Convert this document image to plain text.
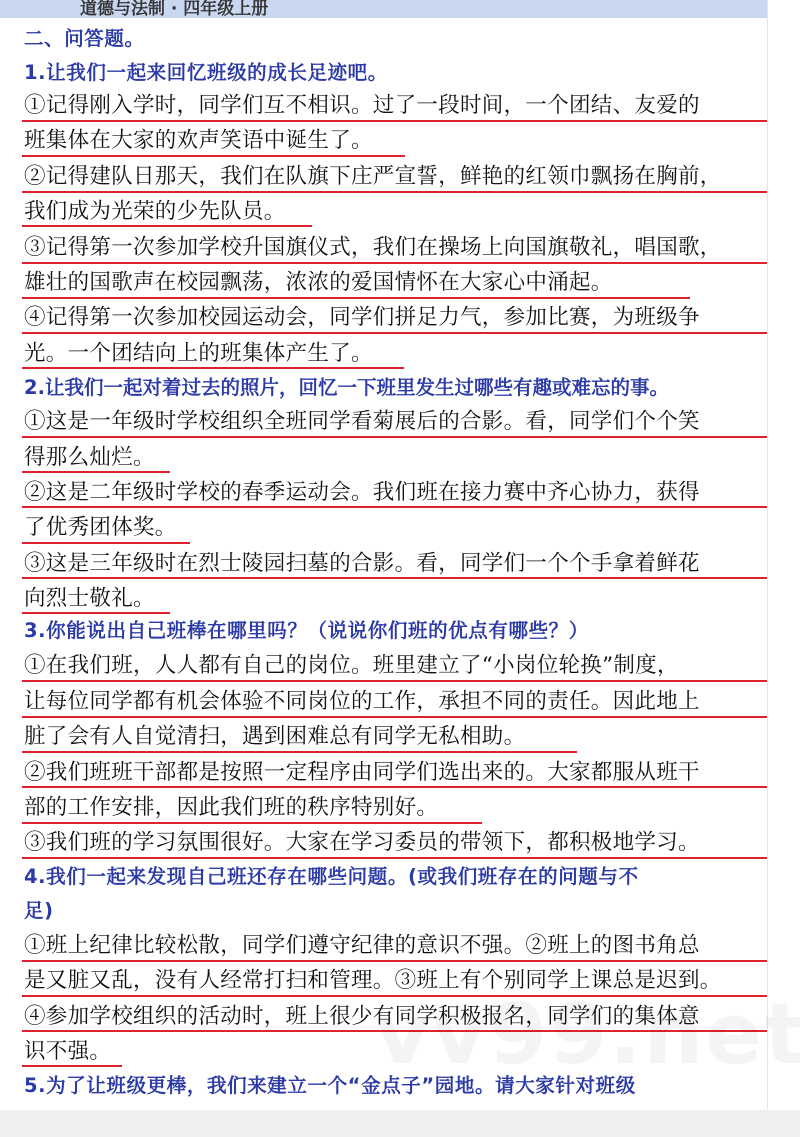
道德与法制 · 四年级上册
二、问答题。
1.让我们一起来回忆班级的成长足迹吧。
①记得刚入学时，同学们互不相识。过了一段时间，一个团结、友爱的
班集体在大家的欢声笑语中诞生了。
②记得建队日那天，我们在队旗下庄严宣誓，鲜艳的红领巾飘扬在胸前，
我们成为光荣的少先队员。
③记得第一次参加学校升国旗仪式，我们在操场上向国旗敬礼，唱国歌，
雄壮的国歌声在校园飘荡，浓浓的爱国情怀在大家心中涌起。
④记得第一次参加校园运动会，同学们拼足力气，参加比赛，为班级争
光。一个团结向上的班集体产生了。
2.让我们一起对着过去的照片，回忆一下班里发生过哪些有趣或难忘的事。
①这是一年级时学校组织全班同学看菊展后的合影。看，同学们个个笑
得那么灿烂。
②这是二年级时学校的春季运动会。我们班在接力赛中齐心协力，获得
了优秀团体奖。
③这是三年级时在烈士陵园扫墓的合影。看，同学们一个个手拿着鲜花
向烈士敬礼。
3.你能说出自己班棒在哪里吗？（说说你们班的优点有哪些？）
①在我们班，人人都有自己的岗位。班里建立了“小岗位轮换”制度，
让每位同学都有机会体验不同岗位的工作，承担不同的责任。因此地上
脏了会有人自觉清扫，遇到困难总有同学无私相助。
②我们班班干部都是按照一定程序由同学们选出来的。大家都服从班干
部的工作安排，因此我们班的秩序特别好。
③我们班的学习氛围很好。大家在学习委员的带领下，都积极地学习。
4.我们一起来发现自己班还存在哪些问题。(或我们班存在的问题与不
足)
①班上纪律比较松散，同学们遵守纪律的意识不强。②班上的图书角总
是又脏又乱，没有人经常打扫和管理。③班上有个别同学上课总是迟到。
④参加学校组织的活动时，班上很少有同学积极报名，同学们的集体意
识不强。
5.为了让班级更棒，我们来建立一个“金点子”园地。请大家针对班级
